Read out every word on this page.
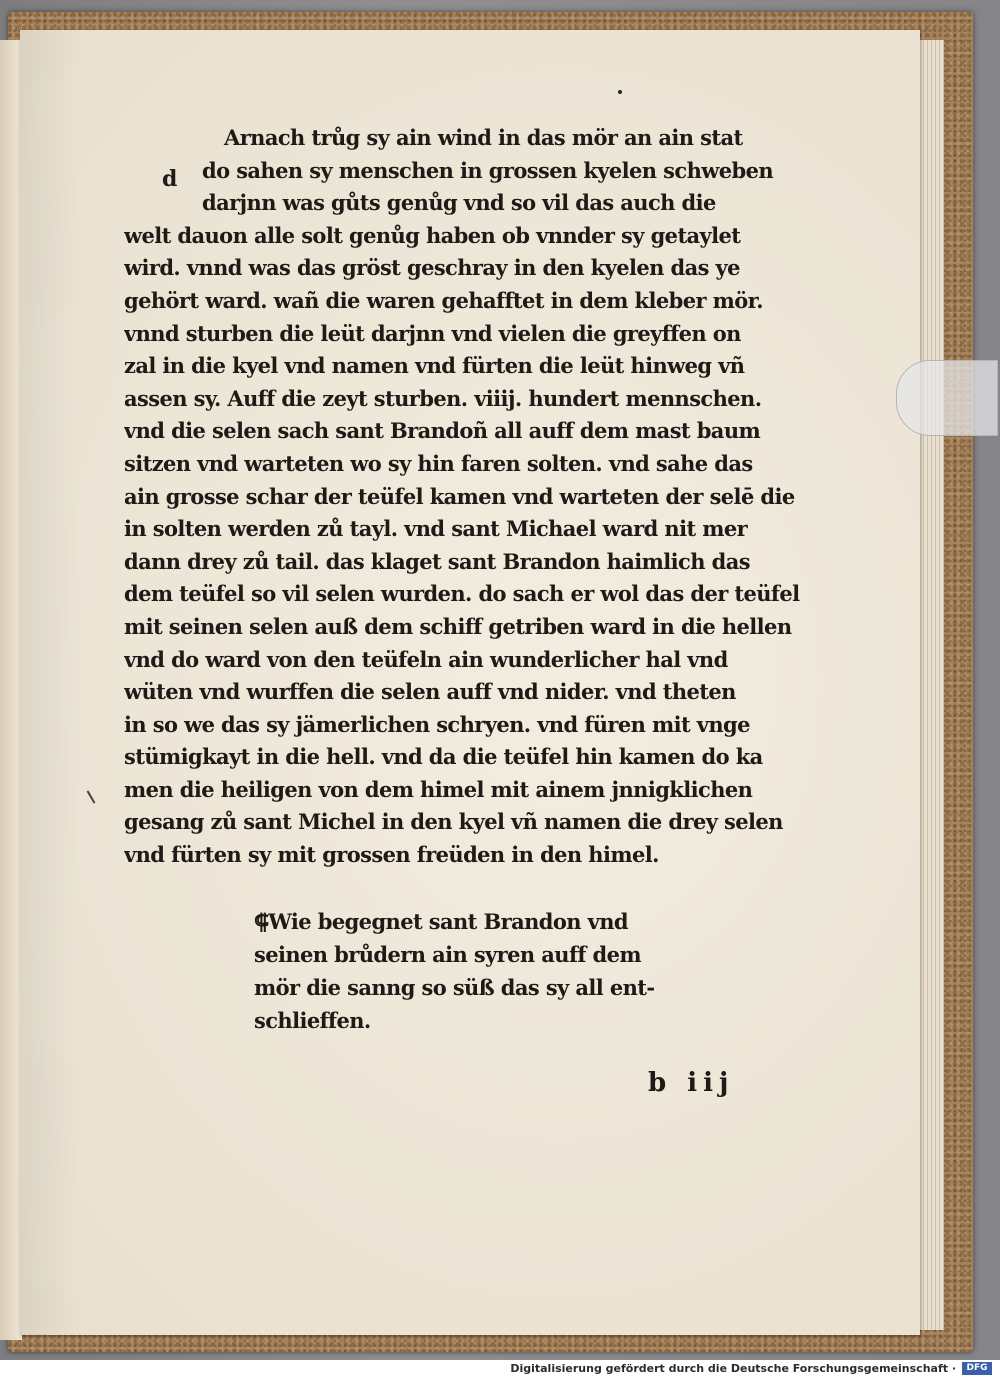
d
Arnach trůg sy ain wind in das mör an ain stat
do sahen sy menschen in grossen kyelen schweben
darjnn was gůts genůg vnd so vil das auch die
welt dauon alle solt genůg haben ob vnnder sy getaylet
wird. vnnd was das gröst geschray in den kyelen das ye
gehört ward. wañ die waren gehafftet in dem kleber mör.
vnnd sturben die leüt darjnn vnd vielen die greyffen on
zal in die kyel vnd namen vnd fürten die leüt hinweg vñ
assen sy. Auff die zeyt sturben. viiij. hundert mennschen.
vnd die selen sach sant Brandoñ all auff dem mast baum
sitzen vnd warteten wo sy hin faren solten. vnd sahe das
ain grosse schar der teüfel kamen vnd warteten der selē die
in solten werden zů tayl. vnd sant Michael ward nit mer
dann drey zů tail. das klaget sant Brandon haimlich das
dem teüfel so vil selen wurden. do sach er wol das der teüfel
mit seinen selen auß dem schiff getriben ward in die hellen
vnd do ward von den teüfeln ain wunderlicher hal vnd
wüten vnd wurffen die selen auff vnd nider. vnd theten
in so we das sy jämerlichen schryen. vnd füren mit vnge
stümigkayt in die hell. vnd da die teüfel hin kamen do ka
men die heiligen von dem himel mit ainem jnnigklichen
gesang zů sant Michel in den kyel vñ namen die drey selen
vnd fürten sy mit grossen freüden in den himel.
⸿Wie begegnet sant Brandon vnd
seinen brůdern ain syren auff dem
mör die sanng so süß das sy all ent-
schlieffen.
b iij
Digitalisierung gefördert durch die Deutsche Forschungsgemeinschaft ·	DFG
